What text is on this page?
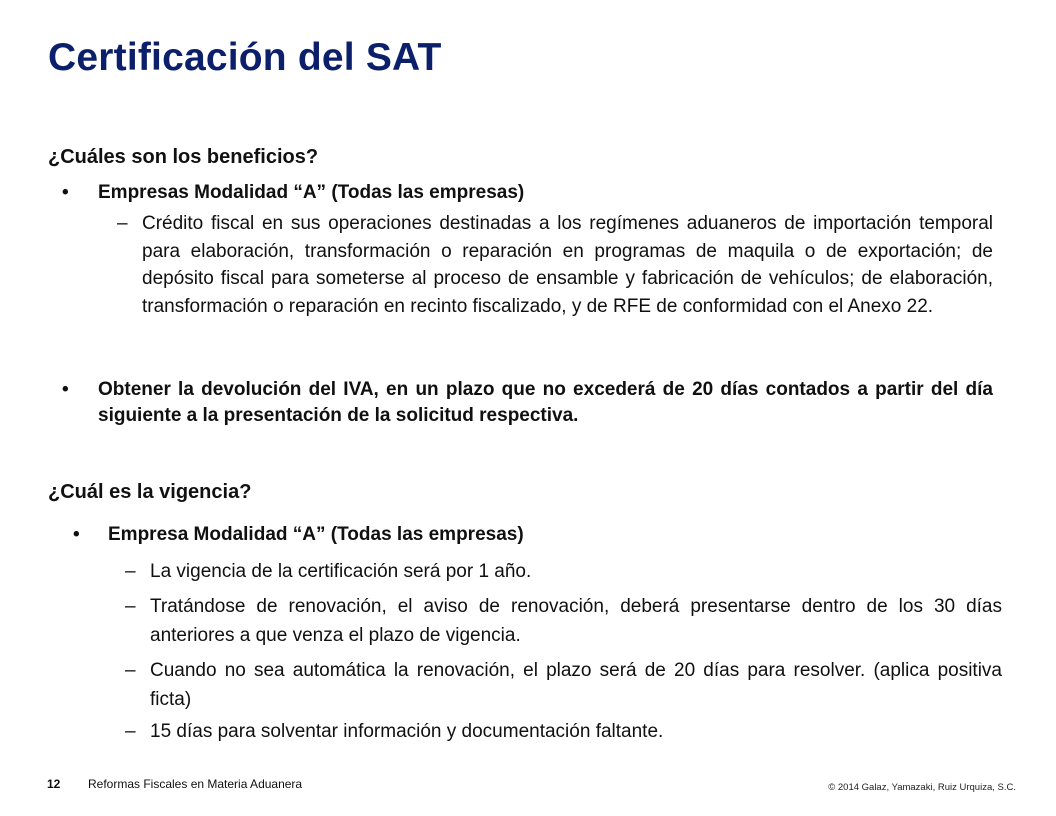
Certificación del SAT
¿Cuáles son los beneficios?
• Empresas Modalidad “A” (Todas las empresas)
– Crédito fiscal en sus operaciones destinadas a los regímenes aduaneros de importación temporal para elaboración, transformación o reparación en programas de maquila o de exportación; de depósito fiscal para someterse al proceso de ensamble y fabricación de vehículos; de elaboración, transformación o reparación en recinto fiscalizado, y de RFE de conformidad con el Anexo 22.
• Obtener la devolución del IVA, en un plazo que no excederá de 20 días contados a partir del día siguiente a la presentación de la solicitud respectiva.
¿Cuál es la vigencia?
• Empresa Modalidad “A” (Todas las empresas)
– La vigencia de la certificación será por 1 año.
– Tratándose de renovación, el aviso de renovación, deberá presentarse dentro de los 30 días anteriores a que venza el plazo de vigencia.
– Cuando no sea automática la renovación, el plazo será de 20 días para resolver. (aplica positiva ficta)
– 15 días para solventar información y documentación faltante.
12 Reformas Fiscales en Materia Aduanera	© 2014 Galaz, Yamazaki, Ruiz Urquiza, S.C.
